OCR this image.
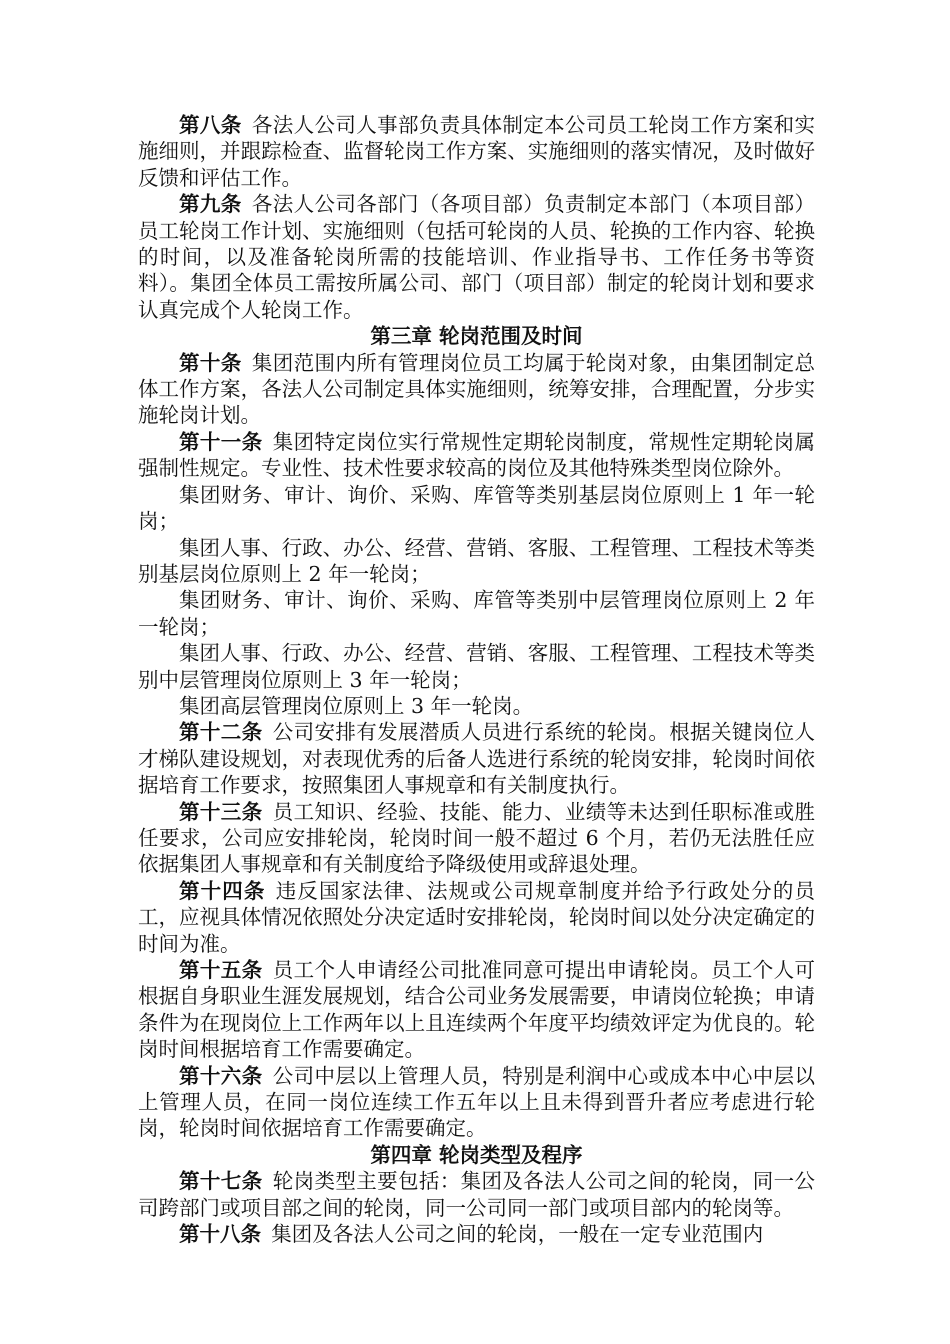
第八条 各法人公司人事部负责具体制定本公司员工轮岗工作方案和实施细则，并跟踪检查、监督轮岗工作方案、实施细则的落实情况，及时做好反馈和评估工作。

第九条 各法人公司各部门（各项目部）负责制定本部门（本项目部）员工轮岗工作计划、实施细则（包括可轮岗的人员、轮换的工作内容、轮换的时间，以及准备轮岗所需的技能培训、作业指导书、工作任务书等资料）。集团全体员工需按所属公司、部门（项目部）制定的轮岗计划和要求认真完成个人轮岗工作。

第三章 轮岗范围及时间

第十条 集团范围内所有管理岗位员工均属于轮岗对象，由集团制定总体工作方案，各法人公司制定具体实施细则，统筹安排，合理配置，分步实施轮岗计划。

第十一条 集团特定岗位实行常规性定期轮岗制度，常规性定期轮岗属强制性规定。专业性、技术性要求较高的岗位及其他特殊类型岗位除外。

集团财务、审计、询价、采购、库管等类别基层岗位原则上 1 年一轮岗；

集团人事、行政、办公、经营、营销、客服、工程管理、工程技术等类别基层岗位原则上 2 年一轮岗；

集团财务、审计、询价、采购、库管等类别中层管理岗位原则上 2 年一轮岗；

集团人事、行政、办公、经营、营销、客服、工程管理、工程技术等类别中层管理岗位原则上 3 年一轮岗；

集团高层管理岗位原则上 3 年一轮岗。

第十二条 公司安排有发展潜质人员进行系统的轮岗。根据关键岗位人才梯队建设规划，对表现优秀的后备人选进行系统的轮岗安排，轮岗时间依据培育工作要求，按照集团人事规章和有关制度执行。

第十三条 员工知识、经验、技能、能力、业绩等未达到任职标准或胜任要求，公司应安排轮岗，轮岗时间一般不超过 6 个月，若仍无法胜任应依据集团人事规章和有关制度给予降级使用或辞退处理。

第十四条 违反国家法律、法规或公司规章制度并给予行政处分的员工，应视具体情况依照处分决定适时安排轮岗，轮岗时间以处分决定确定的时间为准。

第十五条 员工个人申请经公司批准同意可提出申请轮岗。员工个人可根据自身职业生涯发展规划，结合公司业务发展需要，申请岗位轮换；申请条件为在现岗位上工作两年以上且连续两个年度平均绩效评定为优良的。轮岗时间根据培育工作需要确定。

第十六条 公司中层以上管理人员，特别是利润中心或成本中心中层以上管理人员，在同一岗位连续工作五年以上且未得到晋升者应考虑进行轮岗，轮岗时间依据培育工作需要确定。

第四章 轮岗类型及程序

第十七条 轮岗类型主要包括：集团及各法人公司之间的轮岗，同一公司跨部门或项目部之间的轮岗，同一公司同一部门或项目部内的轮岗等。

第十八条 集团及各法人公司之间的轮岗，一般在一定专业范围内
